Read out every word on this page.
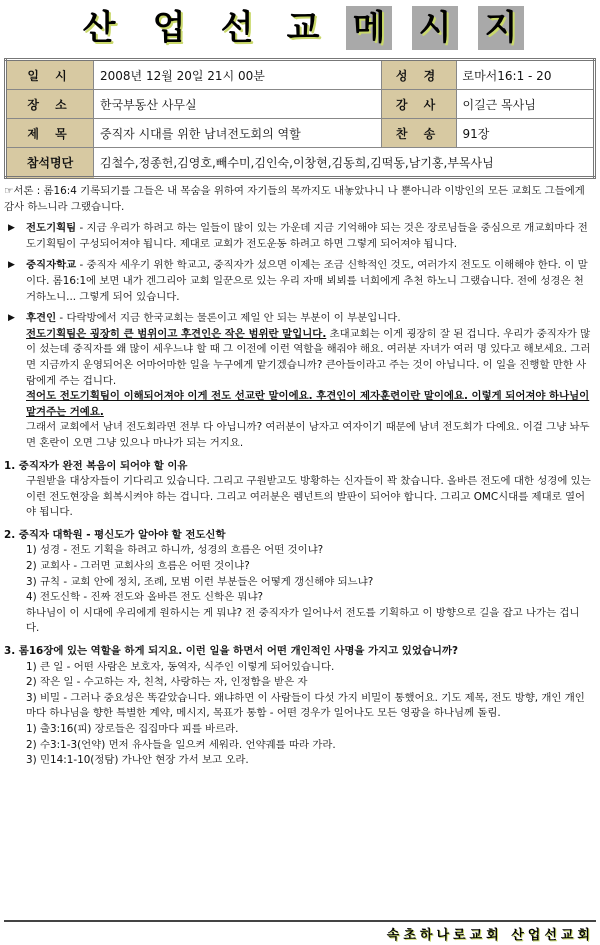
산 업 선 교 메 시 지
일 시	2008년 12월 20일 21시 00분	성 경	로마서16:1 - 20
장 소	한국부동산 사무실	강 사	이길근 목사님
제 목	중직자 시대를 위한 남녀전도회의 역할	찬 송	91장
참석명단	김철수,정종헌,김영호,빼수미,김인숙,이창현,김동희,김떡동,남기홍,부목사님		

☞서론 : 롬16:4 기록되기를 그들은 내 목숨을 위하여 자기들의 목까지도 내놓았나니 나 뿐아니라 이방인의 모든 교회도 그들에게 감사 하느니라 그랬습니다.

▶ 전도기획팀 - 지금 우리가 하려고 하는 일들이 많이 있는 가운데 지금 기억해야 되는 것은 장로님들을 중심으로 개교회마다 전도기획팀이 구성되어져야 됩니다. 제대로 교회가 전도운동 하려고 하면 그렇게 되어져야 됩니다.
▶ 중직자학교 - 중직자 세우기 위한 학교고, 중직자가 섰으면 이제는 조금 신학적인 것도, 여러가지 전도도 이해해야 한다. 이 말이다. 롬16:1에 보면 내가 겐그리아 교회 일꾼으로 있는 우리 자매 뵈뵈를 너희에게 추천 하노니 그랬습니다. 전에 성경은 천거하노니... 그렇게 되어 있습니다.
▶ 후견인 - 다락방에서 지금 한국교회는 물론이고 제일 안 되는 부분이 이 부분입니다.
전도기획팀은 굉장히 큰 범위이고 후견인은 작은 범위란 말입니다. 초대교회는 이게 굉장히 잘 된 겁니다. 우리가 중직자가 많이 섰는데 중직자를 왜 많이 세우느냐 할 때 그 이전에 이런 역할을 해줘야 해요. 여러분 자녀가 여러 명 있다고 해보세요. 그러면 지금까지 운영되어온 어마어마한 일을 누구에게 맡기겠습니까? 큰아들이라고 주는 것이 아닙니다. 이 일을 진행할 만한 사람에게 주는 겁니다.
적어도 전도기획팀이 이해되어져야 이게 전도 선교란 말이에요. 후견인이 제자훈련이란 말이에요. 이렇게 되어져야 하나님이 맡겨주는 거예요.
그래서 교회에서 남녀 전도회라면 전부 다 아닙니까? 여러분이 남자고 여자이기 때문에 남녀 전도회가 다예요. 이걸 그냥 놔두면 혼란이 오면 그냥 있으나 마나가 되는 거지요.
1. 중직자가 완전 복음이 되어야 할 이유
구원받을 대상자들이 기다리고 있습니다. 그리고 구원받고도 방황하는 신자들이 꽉 찼습니다. 올바른 전도에 대한 성경에 있는 이런 전도현장을 회복시켜야 하는 겁니다. 그리고 여러분은 렘넌트의 발판이 되어야 합니다. 그리고 OMC시대를 제대로 열어야 됩니다.
2. 중직자 대학원 - 평신도가 알아야 할 전도신학
1) 성경 - 전도 기획을 하려고 하니까, 성경의 흐름은 어떤 것이냐?
2) 교회사 - 그러면 교회사의 흐름은 어떤 것이냐?
3) 규칙 - 교회 안에 정치, 조례, 모범 이런 부분들은 어떻게 갱신해야 되느냐?
4) 전도신학 - 진짜 전도와 올바른 전도 신학은 뭐냐?
하나님이 이 시대에 우리에게 원하시는 게 뭐냐? 전 중직자가 일어나서 전도를 기획하고 이 방향으로 길을 잡고 나가는 겁니다.
3. 롬16장에 있는 역할을 하게 되지요. 이런 일을 하면서 어떤 개인적인 사명을 가지고 있었습니까?
1) 큰 일 - 어떤 사람은 보호자, 동역자, 식주인 이렇게 되어있습니다.
2) 작은 일 - 수고하는 자, 친척, 사랑하는 자, 인정함을 받은 자
3) 비밀 - 그러나 중요성은 똑같았습니다. 왜냐하면 이 사람들이 다섯 가지 비밀이 통했어요. 기도 제목, 전도 방향, 개인 개인마다 하나님을 향한 특별한 계약, 메시지, 목표가 통함 - 어떤 경우가 일어나도 모든 영광을 하나님께 돌림.
1) 출3:16(피) 장로들은 집집마다 피를 바르라.
2) 수3:1-3(언약) 먼저 유사들을 일으켜 세워라. 언약궤를 따라 가라.
3) 민14:1-10(정탐) 가나안 현장 가서 보고 오라.
속초하나로교회 산업선교회
